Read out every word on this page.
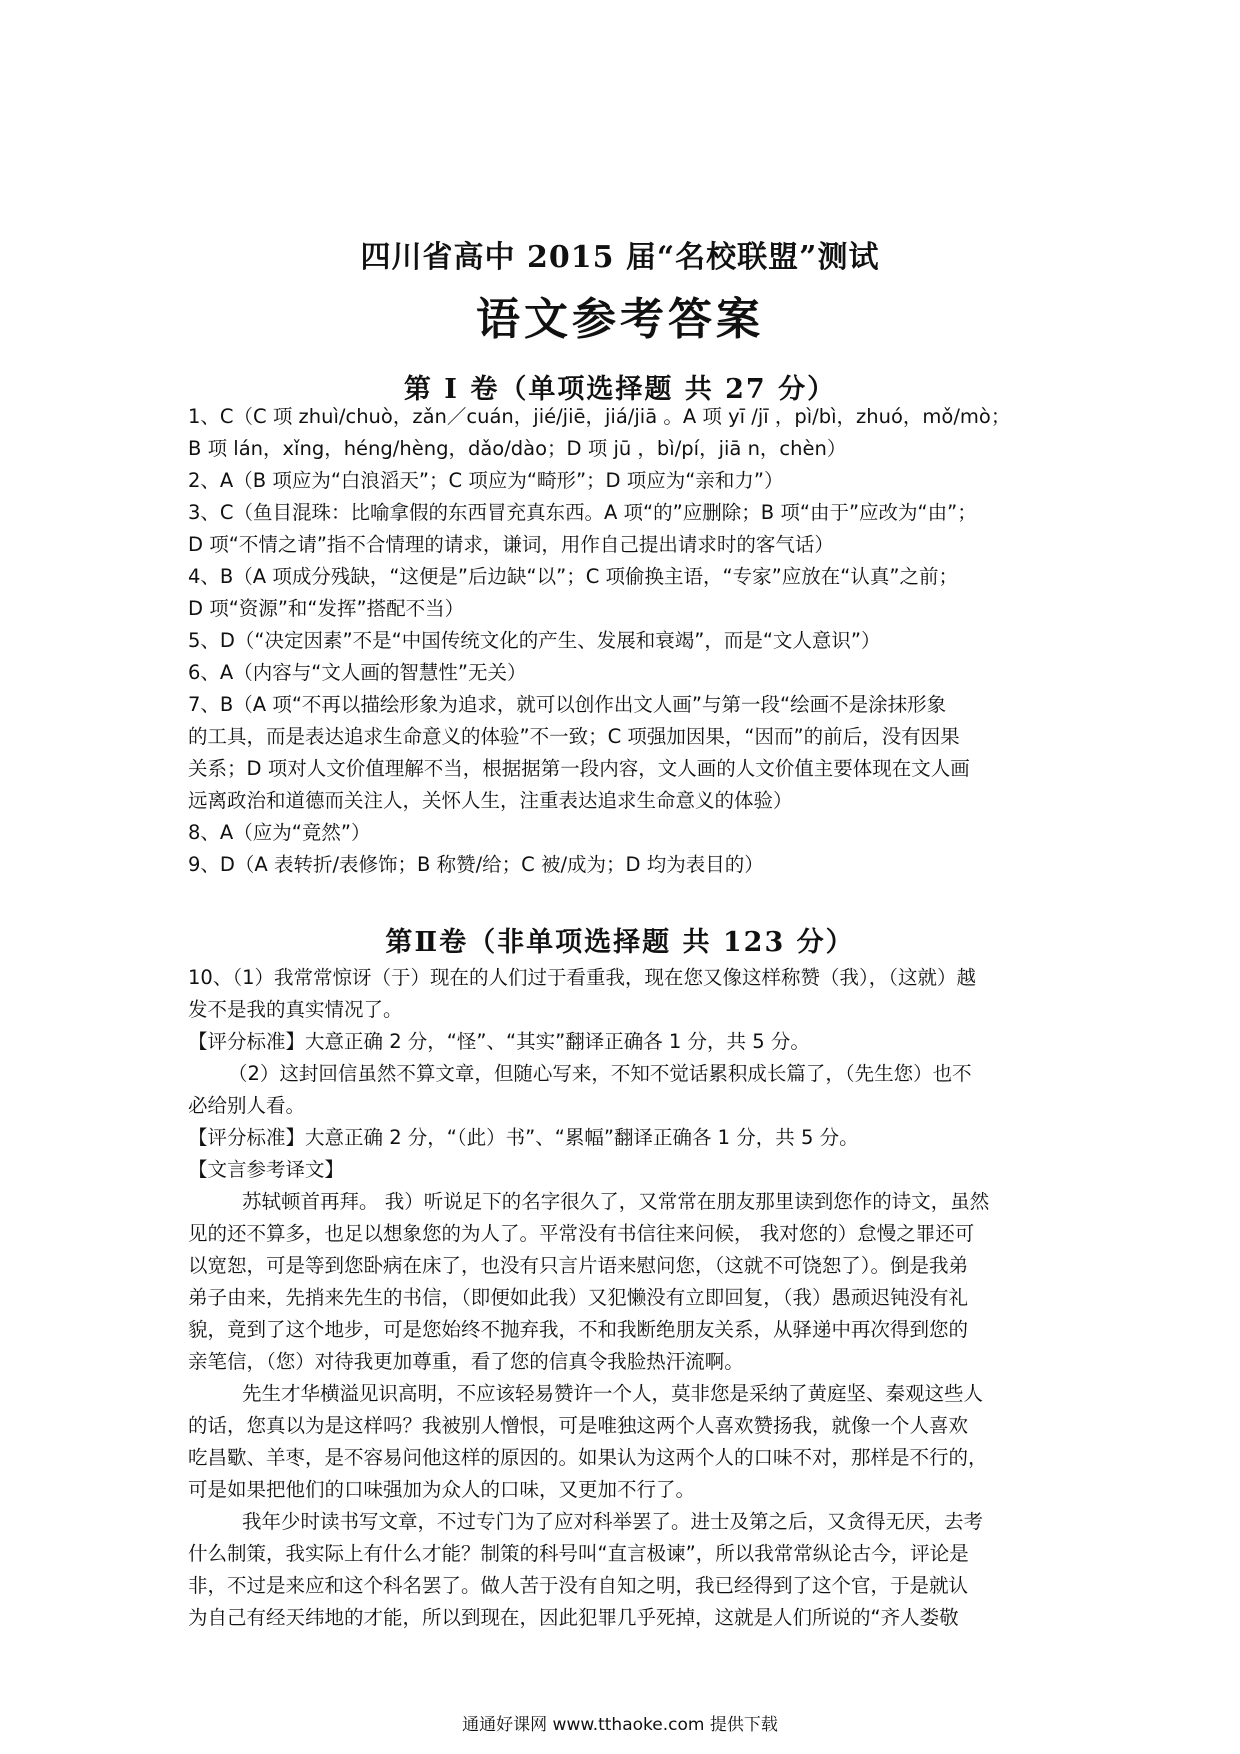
四川省高中 2015 届“名校联盟”测试
语文参考答案
第 Ⅰ 卷（单项选择题 共 27 分）
1、C（C 项 zhuì/chuò，zǎn／cuán，jié/jiē，jiá/jiā 。A 项 yī /jī ，pì/bì，zhuó，mǒ/mò；
B 项 lán，xǐng，héng/hèng，dǎo/dào；D 项 jū ，bì/pí，jiā n，chèn）
2、A（B 项应为“白浪滔天”；C 项应为“畸形”；D 项应为“亲和力”）
3、C（鱼目混珠：比喻拿假的东西冒充真东西。A 项“的”应删除；B 项“由于”应改为“由”；
D 项“不情之请”指不合情理的请求，谦词，用作自己提出请求时的客气话）
4、B（A 项成分残缺，“这便是”后边缺“以”；C 项偷换主语，“专家”应放在“认真”之前；
D 项“资源”和“发挥”搭配不当）
5、D（“决定因素”不是“中国传统文化的产生、发展和衰竭”，而是“文人意识”）
6、A（内容与“文人画的智慧性”无关）
7、B（A 项“不再以描绘形象为追求，就可以创作出文人画”与第一段“绘画不是涂抹形象
的工具，而是表达追求生命意义的体验”不一致；C 项强加因果，“因而”的前后，没有因果
关系；D 项对人文价值理解不当，根据据第一段内容，文人画的人文价值主要体现在文人画
远离政治和道德而关注人，关怀人生，注重表达追求生命意义的体验）
8、A（应为“竟然”）
9、D（A 表转折/表修饰；B 称赞/给；C 被/成为；D 均为表目的）
第Ⅱ卷（非单项选择题 共 123 分）
10、（1）我常常惊讶（于）现在的人们过于看重我，现在您又像这样称赞（我），（这就）越
发不是我的真实情况了。
【评分标准】大意正确 2 分，“怪”、“其实”翻译正确各 1 分，共 5 分。
（2）这封回信虽然不算文章，但随心写来，不知不觉话累积成长篇了，（先生您）也不
必给别人看。
【评分标准】大意正确 2 分，“（此）书”、“累幅”翻译正确各 1 分，共 5 分。
【文言参考译文】
苏轼顿首再拜。 我）听说足下的名字很久了，又常常在朋友那里读到您作的诗文，虽然
见的还不算多，也足以想象您的为人了。平常没有书信往来问候， 我对您的）怠慢之罪还可
以宽恕，可是等到您卧病在床了，也没有只言片语来慰问您，（这就不可饶恕了）。倒是我弟
弟子由来，先捎来先生的书信，（即便如此我）又犯懒没有立即回复，（我）愚顽迟钝没有礼
貌，竟到了这个地步，可是您始终不抛弃我，不和我断绝朋友关系，从驿递中再次得到您的
亲笔信，（您）对待我更加尊重，看了您的信真令我脸热汗流啊。
先生才华横溢见识高明，不应该轻易赞许一个人，莫非您是采纳了黄庭坚、秦观这些人
的话，您真以为是这样吗？我被别人憎恨，可是唯独这两个人喜欢赞扬我，就像一个人喜欢
吃昌歜、羊枣，是不容易问他这样的原因的。如果认为这两个人的口味不对，那样是不行的，
可是如果把他们的口味强加为众人的口味，又更加不行了。
我年少时读书写文章，不过专门为了应对科举罢了。进士及第之后，又贪得无厌，去考
什么制策，我实际上有什么才能？制策的科号叫“直言极谏”，所以我常常纵论古今，评论是
非，不过是来应和这个科名罢了。做人苦于没有自知之明，我已经得到了这个官，于是就认
为自己有经天纬地的才能，所以到现在，因此犯罪几乎死掉，这就是人们所说的“齐人娄敬
通通好课网 www.tthaoke.com 提供下载
